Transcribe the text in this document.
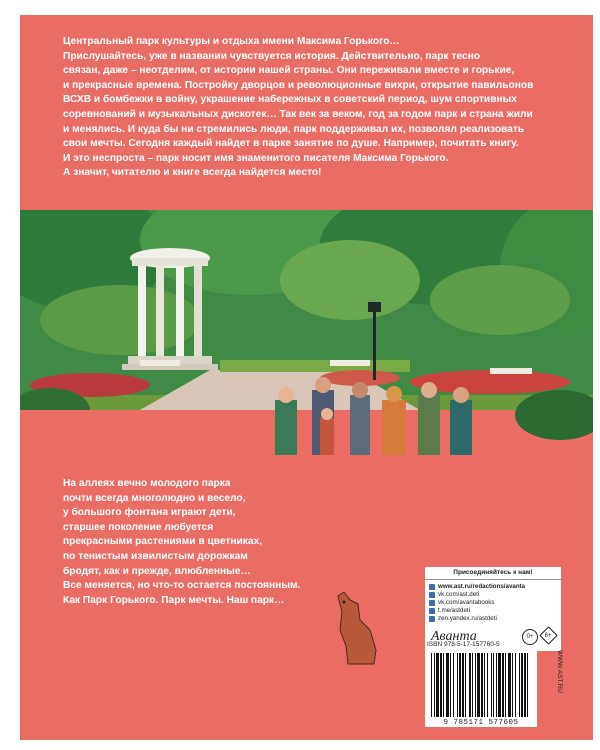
Центральный парк культуры и отдыха имени Максима Горького…

Прислушайтесь, уже в названии чувствуется история. Действительно, парк тесно

связан, даже – неотделим, от истории нашей страны. Они переживали вместе и горькие,

и прекрасные времена. Постройку дворцов и революционные вихри, открытие павильонов

ВСХВ и бомбежки в войну, украшение набережных в советский период, шум спортивных

соревнований и музыкальных дискотек… Так век за веком, год за годом парк и страна жили

и менялись. И куда бы ни стремились люди, парк поддерживал их, позволял реализовать

свои мечты. Сегодня каждый найдет в парке занятие по душе. Например, почитать книгу.

И это неспроста – парк носит имя знаменитого писателя Максима Горького.

А значит, читателю и книге всегда найдется место!

На аллеях вечно молодого парка

почти всегда многолюдно и весело,

у большого фонтана играют дети,

старшее поколение любуется

прекрасными растениями в цветниках,

по тенистым извилистым дорожкам

бродят, как и прежде, влюбленные…

Все меняется, но что-то остается постоянным.

Как Парк Горького. Парк мечты. Наш парк…

Присоединяйтесь к нам!
www.ast.ru/redactions/avanta
vk.com/ast.deti
vk.com/avantabooks
t.me/astdeti
zen.yandex.ru/astdeti
Аванта	0+	6+
ISBN 978-5-17-157760-5
9 785171 577605
WWW.AST.RU
